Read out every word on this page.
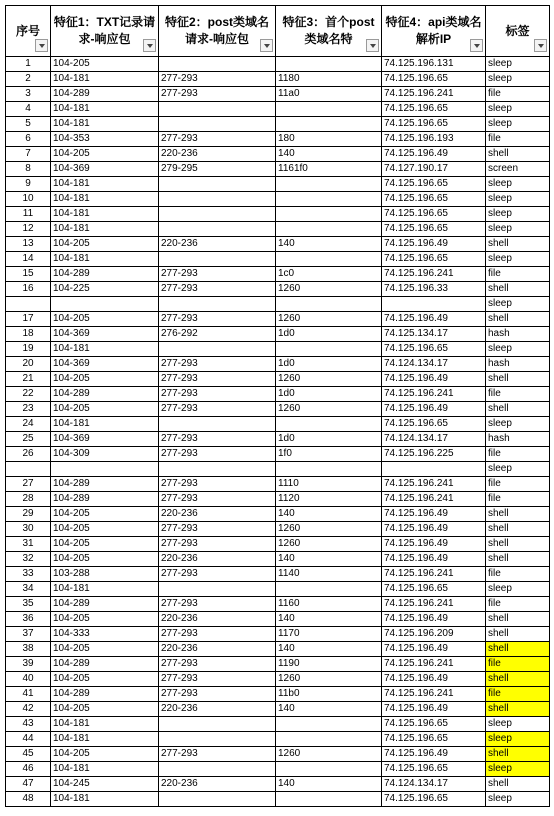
序号	特征1：TXT记录请求-响应包	特征2：post类域名请求-响应包	特征3：首个post类域名特	特征4：api类域名解析IP	标签

1	104-205			74.125.196.131	sleep
2	104-181	277-293	1180	74.125.196.65	sleep
3	104-289	277-293	11a0	74.125.196.241	file
4	104-181			74.125.196.65	sleep
5	104-181			74.125.196.65	sleep
6	104-353	277-293	180	74.125.196.193	file
7	104-205	220-236	140	74.125.196.49	shell
8	104-369	279-295	1161f0	74.127.190.17	screen
9	104-181			74.125.196.65	sleep
10	104-181			74.125.196.65	sleep
11	104-181			74.125.196.65	sleep
12	104-181			74.125.196.65	sleep
13	104-205	220-236	140	74.125.196.49	shell
14	104-181			74.125.196.65	sleep
15	104-289	277-293	1c0	74.125.196.241	file
16	104-225	277-293	1260	74.125.196.33	shell
					sleep
17	104-205	277-293	1260	74.125.196.49	shell
18	104-369	276-292	1d0	74.125.134.17	hash
19	104-181			74.125.196.65	sleep
20	104-369	277-293	1d0	74.124.134.17	hash
21	104-205	277-293	1260	74.125.196.49	shell
22	104-289	277-293	1d0	74.125.196.241	file
23	104-205	277-293	1260	74.125.196.49	shell
24	104-181			74.125.196.65	sleep
25	104-369	277-293	1d0	74.124.134.17	hash
26	104-309	277-293	1f0	74.125.196.225	file
					sleep
27	104-289	277-293	1110	74.125.196.241	file
28	104-289	277-293	1120	74.125.196.241	file
29	104-205	220-236	140	74.125.196.49	shell
30	104-205	277-293	1260	74.125.196.49	shell
31	104-205	277-293	1260	74.125.196.49	shell
32	104-205	220-236	140	74.125.196.49	shell
33	103-288	277-293	1140	74.125.196.241	file
34	104-181			74.125.196.65	sleep
35	104-289	277-293	1160	74.125.196.241	file
36	104-205	220-236	140	74.125.196.49	shell
37	104-333	277-293	1170	74.125.196.209	shell
38	104-205	220-236	140	74.125.196.49	shell
39	104-289	277-293	1190	74.125.196.241	file
40	104-205	277-293	1260	74.125.196.49	shell
41	104-289	277-293	11b0	74.125.196.241	file
42	104-205	220-236	140	74.125.196.49	shell
43	104-181			74.125.196.65	sleep
44	104-181			74.125.196.65	sleep
45	104-205	277-293	1260	74.125.196.49	shell
46	104-181			74.125.196.65	sleep
47	104-245	220-236	140	74.124.134.17	shell
48	104-181			74.125.196.65	sleep
